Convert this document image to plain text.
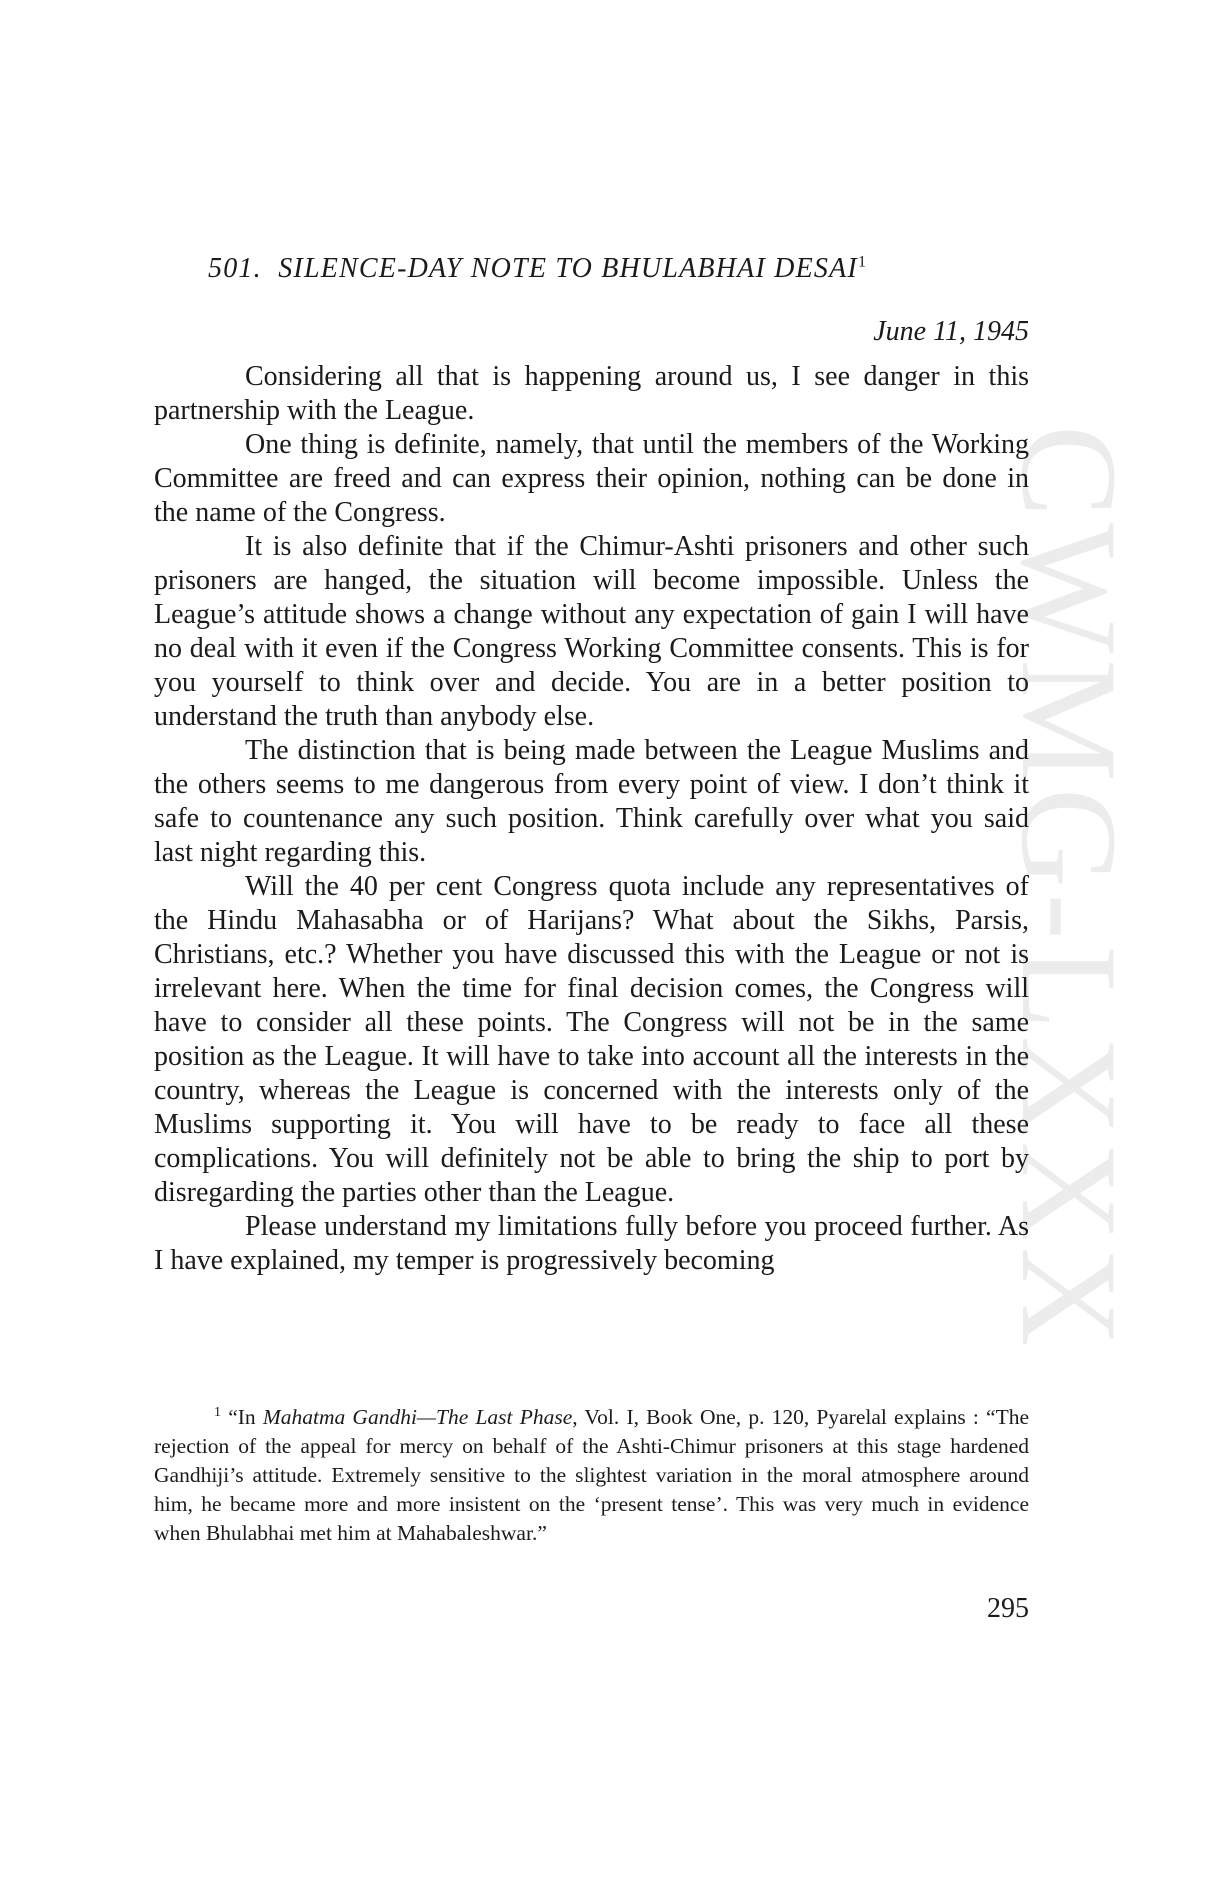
CWMG-LXXX
501. SILENCE-DAY NOTE TO BHULABHAI DESAI$^1$

June 11, 1945

Considering all that is happening around us, I see danger in this partnership with the League.

One thing is definite, namely, that until the members of the Working Committee are freed and can express their opinion, nothing can be done in the name of the Congress.

It is also definite that if the Chimur-Ashti prisoners and other such prisoners are hanged, the situation will become impossible. Unless the League’s attitude shows a change without any expectation of gain I will have no deal with it even if the Congress Working Committee consents. This is for you yourself to think over and decide. You are in a better position to understand the truth than anybody else.

The distinction that is being made between the League Muslims and the others seems to me dangerous from every point of view. I don’t think it safe to countenance any such position. Think carefully over what you said last night regarding this.

Will the 40 per cent Congress quota include any representatives of the Hindu Mahasabha or of Harijans? What about the Sikhs, Parsis, Christians, etc.? Whether you have discussed this with the League or not is irrelevant here. When the time for final decision comes, the Congress will have to consider all these points. The Congress will not be in the same position as the League. It will have to take into account all the interests in the country, whereas the League is concerned with the interests only of the Muslims supporting it. You will have to be ready to face all these complications. You will definitely not be able to bring the ship to port by disregarding the parties other than the League.

Please understand my limitations fully before you proceed further. As I have explained, my temper is progressively becoming

$^1$ “In Mahatma Gandhi—The Last Phase, Vol. I, Book One, p. 120, Pyarelal explains : “The rejection of the appeal for mercy on behalf of the Ashti-Chimur prisoners at this stage hardened Gandhiji’s attitude. Extremely sensitive to the slightest variation in the moral atmosphere around him, he became more and more insistent on the ‘present tense’. This was very much in evidence when Bhulabhai met him at Mahabaleshwar.”

295
